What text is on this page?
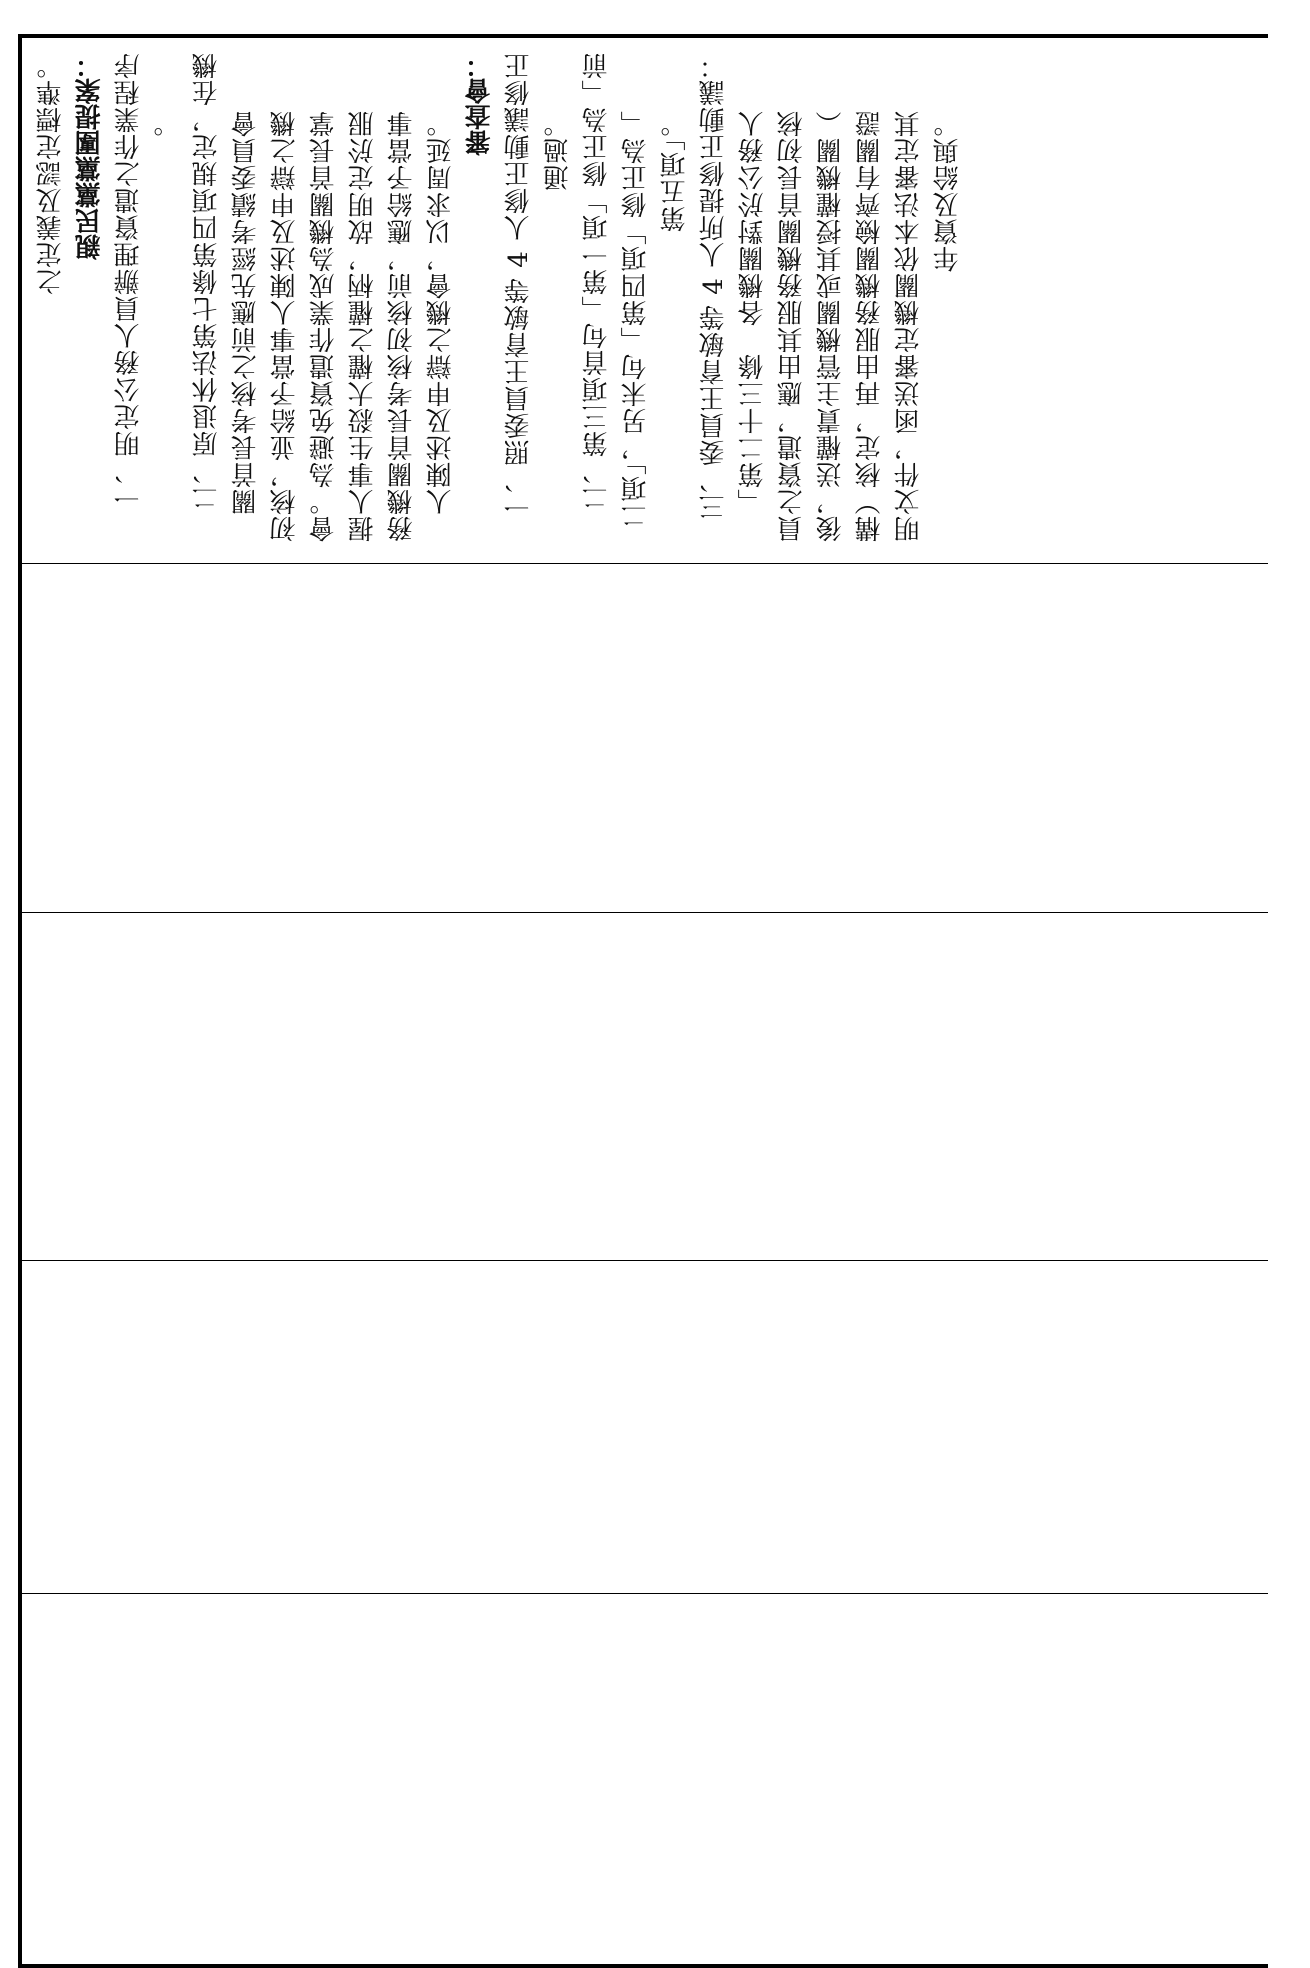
之定義及認定標準。 親民黨黨團提案： 一、明定公務人員辦理資遣之作業程序 。 二、原退休法第七條第四項規定，在機 關首長考核之前應先經考績委員會 初核，並給予當事人陳述及申辯之機 會。為避免資遣作業成為機關首長掌 握人事生殺大權之權柄，故明定於服 務機關首長考核初核前，應給予當事 人陳述及申辯之機會，以求周延。
審查會： 一、照委員王育敏等 4 人修正動議修正 通過。 二、第三項首句「第一項」修正為「前 二項」，另末句「第四項」修正為「 第五項」。 三、委員王育敏等 4 人所提修正動議： 「第二十三條　各機關對於公務人 員之資遣，應由其服務機關首長初核 後，送權責主管機關或其授權機關（ 構）核定，再由服務機關檢齊有關證 明文件，函送審定機關依本法審定其 年資及給與。
